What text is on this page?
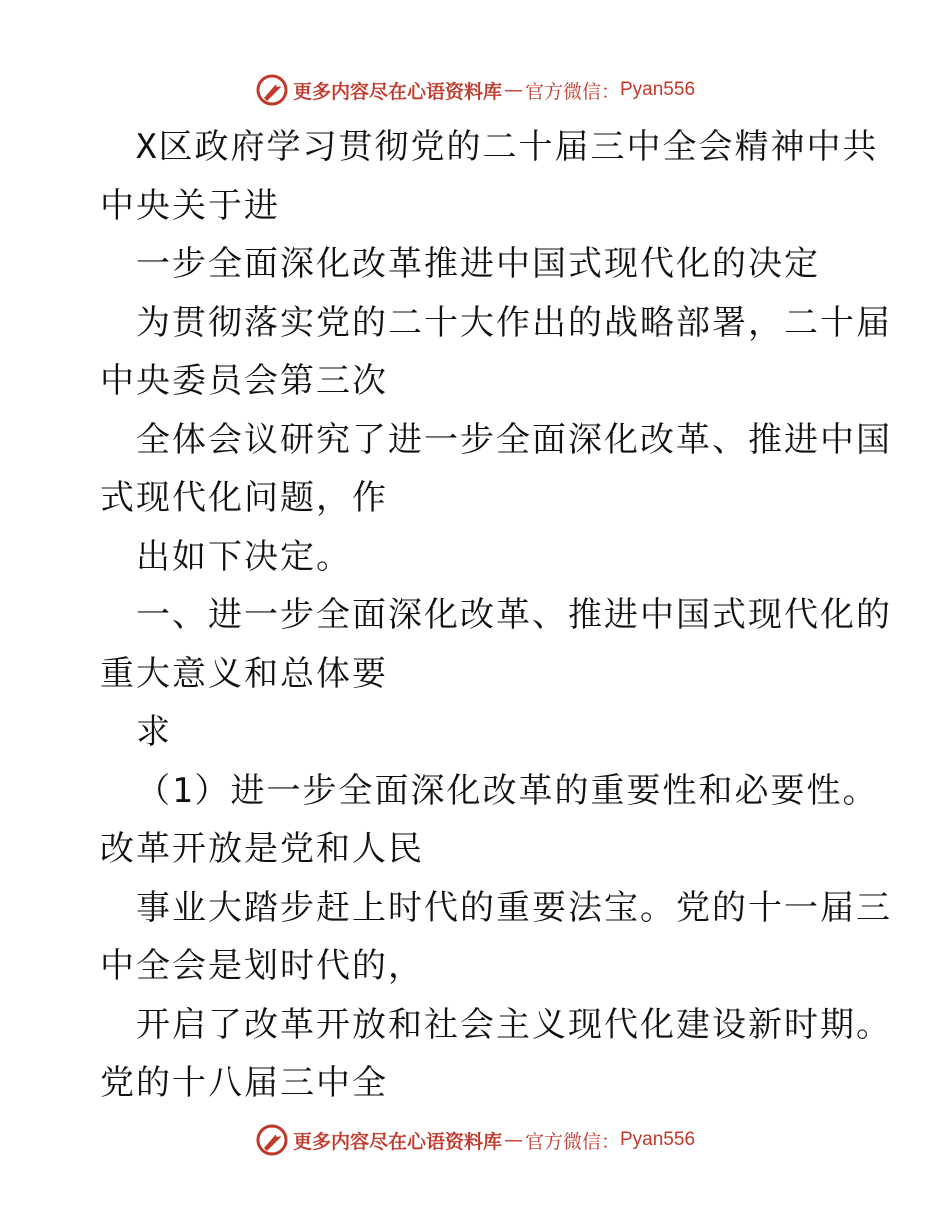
更多内容尽在心语资料库 — 官方微信： Pyan556
X区政府学习贯彻党的二十届三中全会精神中共
中央关于进
一步全面深化改革推进中国式现代化的决定
为贯彻落实党的二十大作出的战略部署，二十届
中央委员会第三次
全体会议研究了进一步全面深化改革、推进中国
式现代化问题，作
出如下决定。
一、进一步全面深化改革、推进中国式现代化的
重大意义和总体要
求
（1）进一步全面深化改革的重要性和必要性。
改革开放是党和人民
事业大踏步赶上时代的重要法宝。党的十一届三
中全会是划时代的，
开启了改革开放和社会主义现代化建设新时期。
党的十八届三中全
更多内容尽在心语资料库 — 官方微信： Pyan556
